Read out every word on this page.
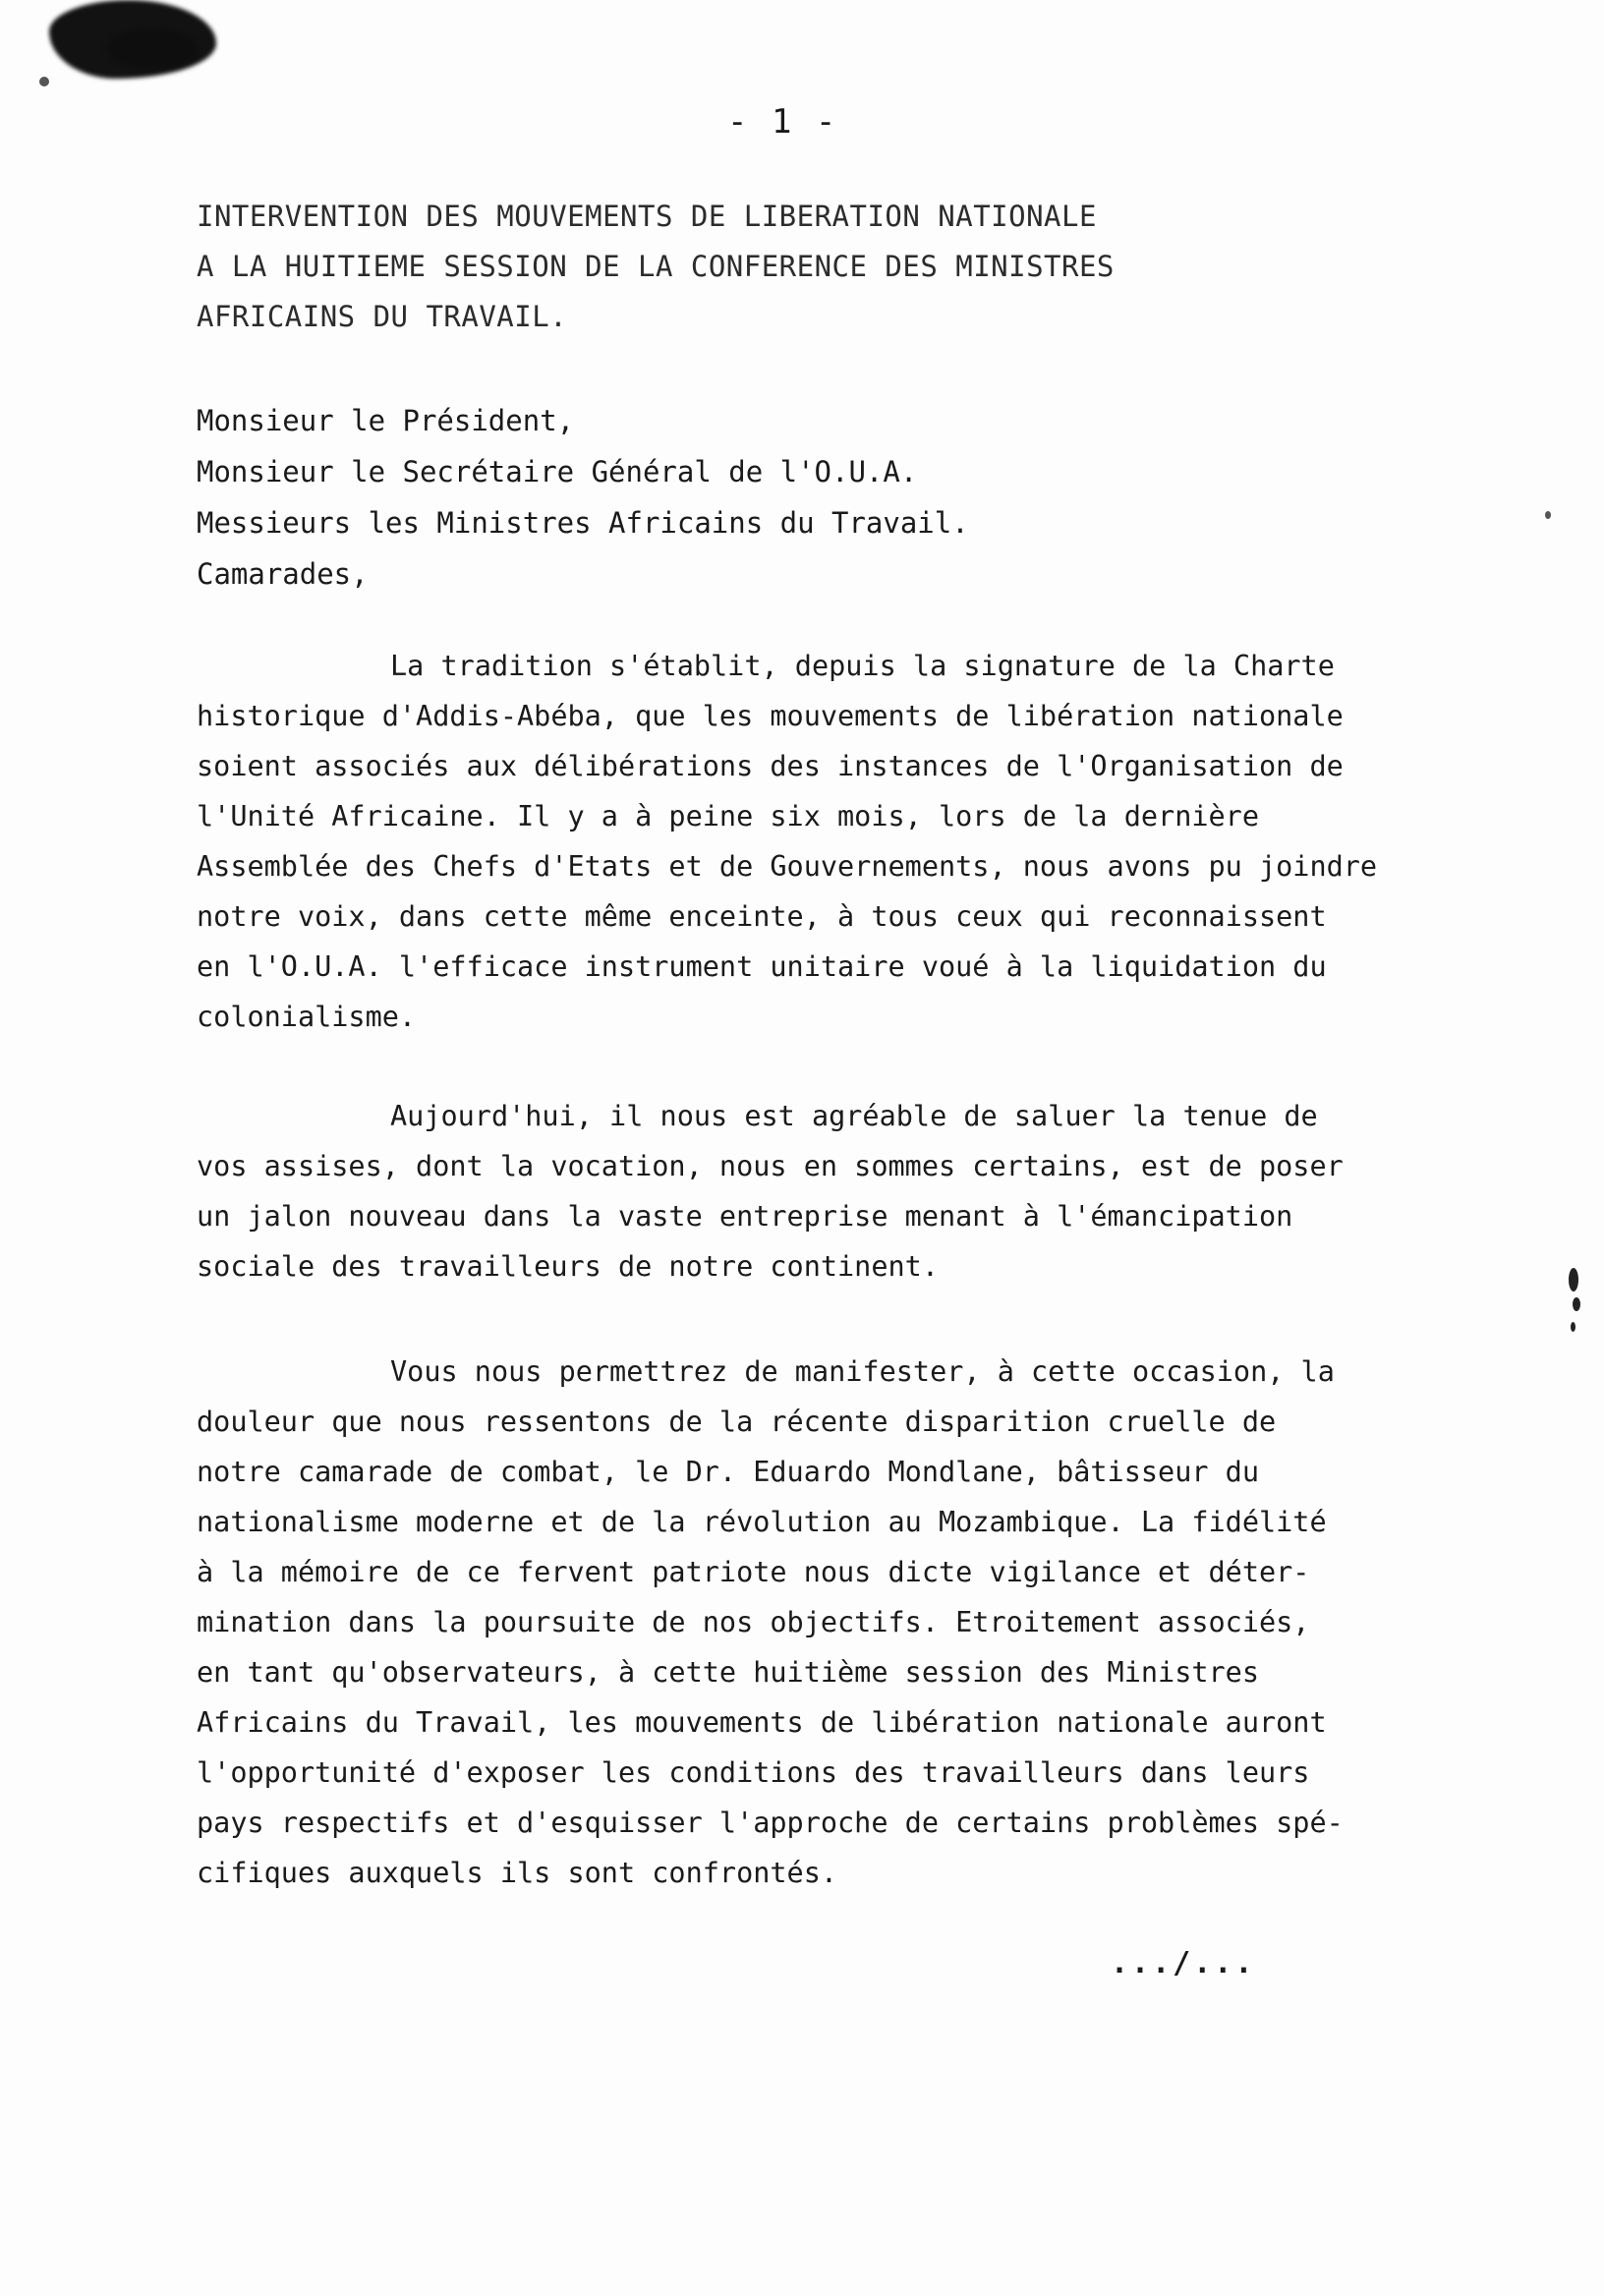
- 1 -
INTERVENTION DES MOUVEMENTS DE LIBERATION NATIONALE
A LA HUITIEME SESSION DE LA CONFERENCE DES MINISTRES
AFRICAINS DU TRAVAIL.
Monsieur le Président,
Monsieur le Secrétaire Général de l'O.U.A.
Messieurs les Ministres Africains du Travail.
Camarades,
La tradition s'établit, depuis la signature de la Charte
historique d'Addis-Abéba, que les mouvements de libération nationale
soient associés aux délibérations des instances de l'Organisation de
l'Unité Africaine. Il y a à peine six mois, lors de la dernière
Assemblée des Chefs d'Etats et de Gouvernements, nous avons pu joindre
notre voix, dans cette même enceinte, à tous ceux qui reconnaissent
en l'O.U.A. l'efficace instrument unitaire voué à la liquidation du
colonialisme.
Aujourd'hui, il nous est agréable de saluer la tenue de
vos assises, dont la vocation, nous en sommes certains, est de poser
un jalon nouveau dans la vaste entreprise menant à l'émancipation
sociale des travailleurs de notre continent.
Vous nous permettrez de manifester, à cette occasion, la
douleur que nous ressentons de la récente disparition cruelle de
notre camarade de combat, le Dr. Eduardo Mondlane, bâtisseur du
nationalisme moderne et de la révolution au Mozambique. La fidélité
à la mémoire de ce fervent patriote nous dicte vigilance et déter-
mination dans la poursuite de nos objectifs. Etroitement associés,
en tant qu'observateurs, à cette huitième session des Ministres
Africains du Travail, les mouvements de libération nationale auront
l'opportunité d'exposer les conditions des travailleurs dans leurs
pays respectifs et d'esquisser l'approche de certains problèmes spé-
cifiques auxquels ils sont confrontés.
.../...
